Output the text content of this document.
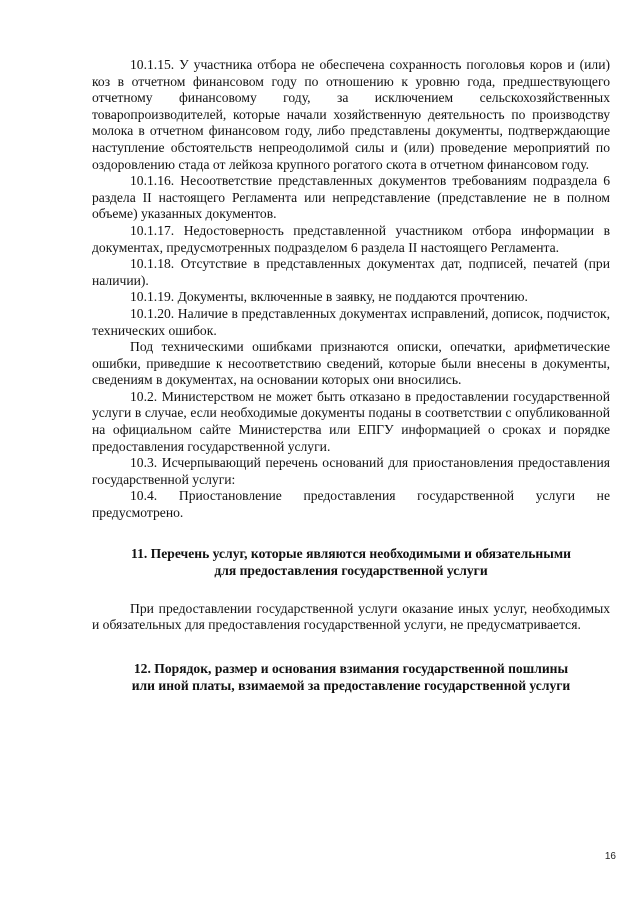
10.1.15. У участника отбора не обеспечена сохранность поголовья коров и (или) коз в отчетном финансовом году по отношению к уровню года, предшествующего отчетному финансовому году, за исключением сельскохозяйственных товаропроизводителей, которые начали хозяйственную деятельность по производству молока в отчетном финансовом году, либо представлены документы, подтверждающие наступление обстоятельств непреодолимой силы и (или) проведение мероприятий по оздоровлению стада от лейкоза крупного рогатого скота в отчетном финансовом году.

10.1.16. Несоответствие представленных документов требованиям подраздела 6 раздела II настоящего Регламента или непредставление (представление не в полном объеме) указанных документов.

10.1.17. Недостоверность представленной участником отбора информации в документах, предусмотренных подразделом 6 раздела II настоящего Регламента.

10.1.18. Отсутствие в представленных документах дат, подписей, печатей (при наличии).

10.1.19. Документы, включенные в заявку, не поддаются прочтению.

10.1.20. Наличие в представленных документах исправлений, дописок, подчисток, технических ошибок.

Под техническими ошибками признаются описки, опечатки, арифметические ошибки, приведшие к несоответствию сведений, которые были внесены в документы, сведениям в документах, на основании которых они вносились.

10.2. Министерством не может быть отказано в предоставлении государственной услуги в случае, если необходимые документы поданы в соответствии с опубликованной на официальном сайте Министерства или ЕПГУ информацией о сроках и порядке предоставления государственной услуги.

10.3. Исчерпывающий перечень оснований для приостановления предоставления государственной услуги:

10.4. Приостановление предоставления государственной услуги не предусмотрено.

11. Перечень услуг, которые являются необходимыми и обязательными
для предоставления государственной услуги

При предоставлении государственной услуги оказание иных услуг, необходимых и обязательных для предоставления государственной услуги, не предусматривается.

12. Порядок, размер и основания взимания государственной пошлины
или иной платы, взимаемой за предоставление государственной услуги
16
